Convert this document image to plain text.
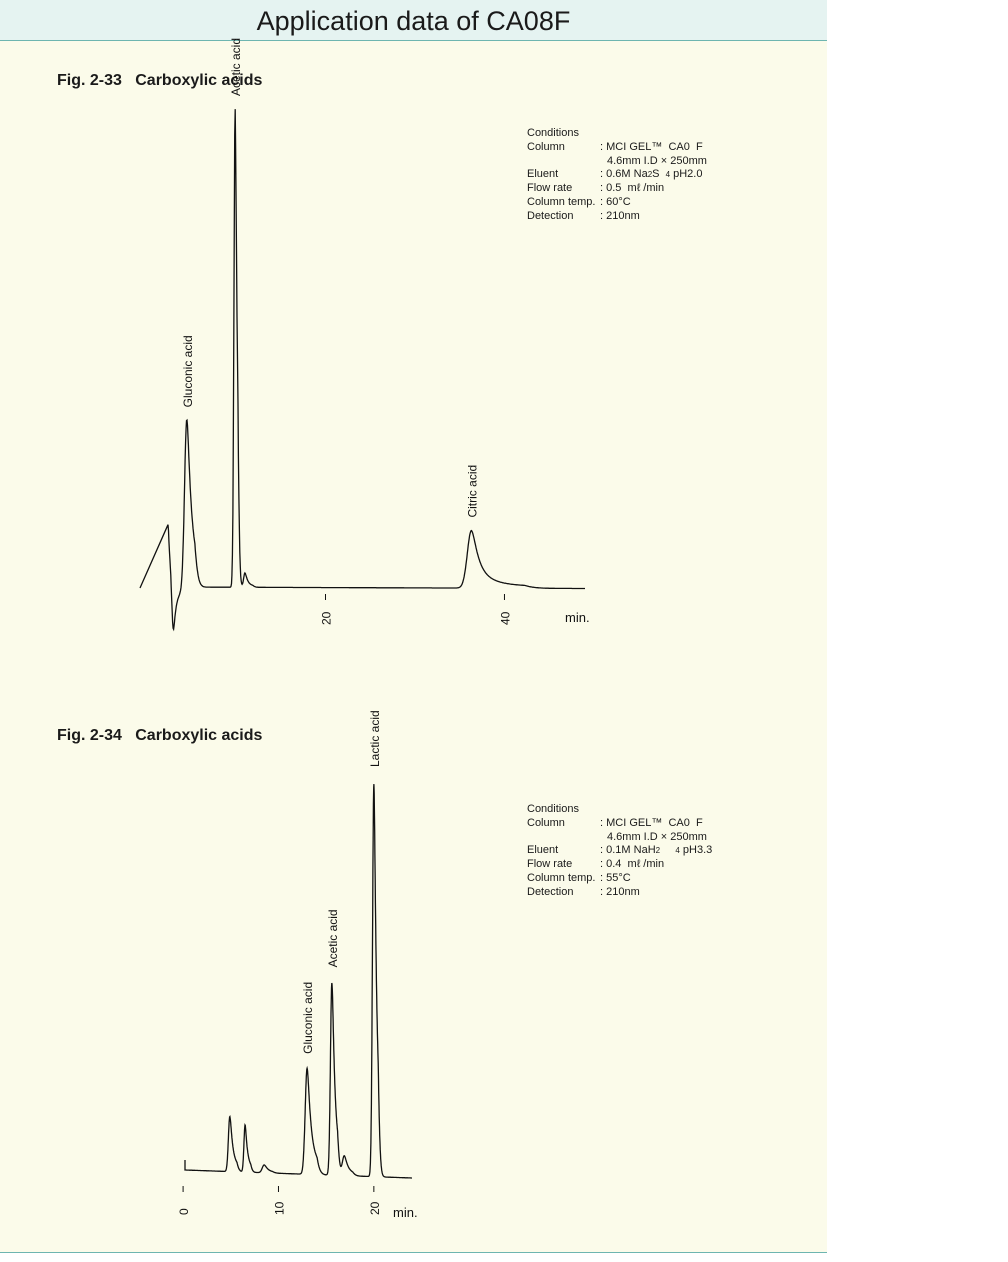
Application data of CA08F
Fig. 2-33   Carboxylic acids
Conditions
Column	: MCI GEL™  CA0  F
4.6mm I.D × 250mm
Eluent	: 0.6M Na2S  4 pH2.0
Flow rate	: 0.5  mℓ /min
Column temp. : 60°C
Detection	: 210nm
Fig. 2-34   Carboxylic acids
Conditions
Column	: MCI GEL™  CA0  F
4.6mm I.D × 250mm
Eluent	: 0.1M NaH2 4 pH3.3
Flow rate	: 0.4  mℓ /min
Column temp. : 55°C
Detection	: 210nm
Gluconic acid
Acetic acid
Citric acid
20	40	min.
Gluconic acid
Acetic acid
Lactic acid
0	10	20 min.
